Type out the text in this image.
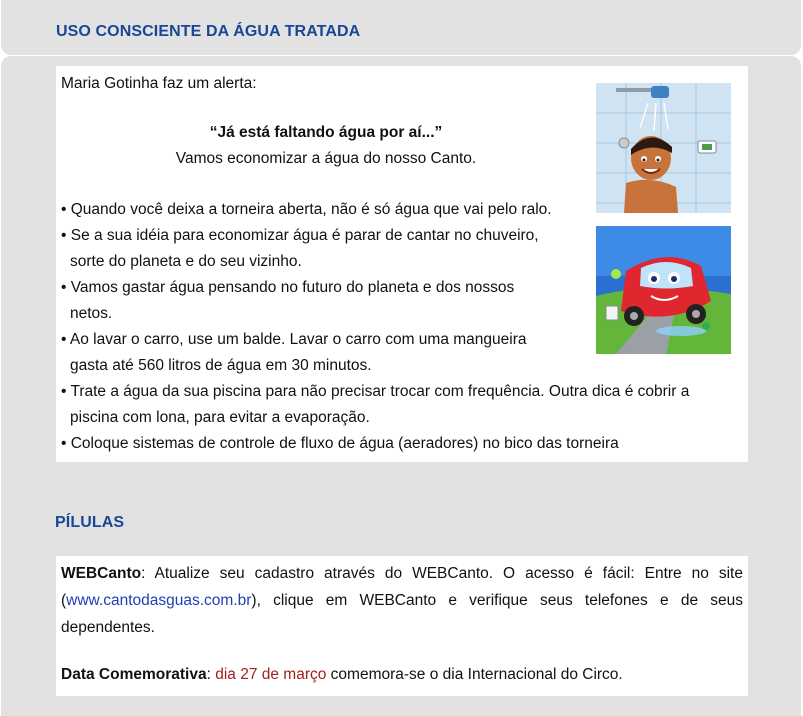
USO CONSCIENTE DA ÁGUA TRATADA
Maria Gotinha faz um alerta:
“Já está faltando água por aí...”
Vamos economizar a água do nosso Canto.
• Quando você deixa a torneira aberta, não é só água que vai pelo ralo.
• Se a sua idéia para economizar água é parar de cantar no chuveiro,
sorte do planeta e do seu vizinho.
• Vamos gastar água pensando no futuro do planeta e dos nossos
netos.
• Ao lavar o carro, use um balde. Lavar o carro com uma mangueira
gasta até 560 litros de água em 30 minutos.
• Trate a água da sua piscina para não precisar trocar com frequência. Outra dica é cobrir a
piscina com lona, para evitar a evaporação.
• Coloque sistemas de controle de fluxo de água (aeradores) no bico das torneira
PÍLULAS
WEBCanto: Atualize seu cadastro através do WEBCanto. O acesso é fácil: Entre no site (www.cantodasguas.com.br), clique em WEBCanto e verifique seus telefones e de seus dependentes.
Data Comemorativa: dia 27 de março comemora-se o dia Internacional do Circo.
